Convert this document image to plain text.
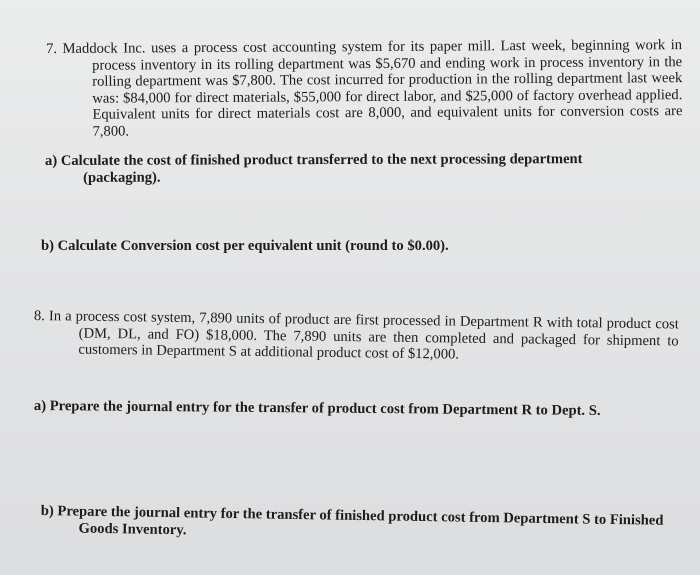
7. Maddock Inc. uses a process cost accounting system for its paper mill. Last week, beginning work in process inventory in its rolling department was $5,670 and ending work in process inventory in the rolling department was $7,800. The cost incurred for production in the rolling department last week was: $84,000 for direct materials, $55,000 for direct labor, and $25,000 of factory overhead applied. Equivalent units for direct materials cost are 8,000, and equivalent units for conversion costs are 7,800.

a) Calculate the cost of finished product transferred to the next processing department (packaging).

b) Calculate Conversion cost per equivalent unit (round to $0.00).

8. In a process cost system, 7,890 units of product are first processed in Department R with total product cost (DM, DL, and FO) $18,000. The 7,890 units are then completed and packaged for shipment to customers in Department S at additional product cost of $12,000.

a) Prepare the journal entry for the transfer of product cost from Department R to Dept. S.

b) Prepare the journal entry for the transfer of finished product cost from Department S to Finished Goods Inventory.
